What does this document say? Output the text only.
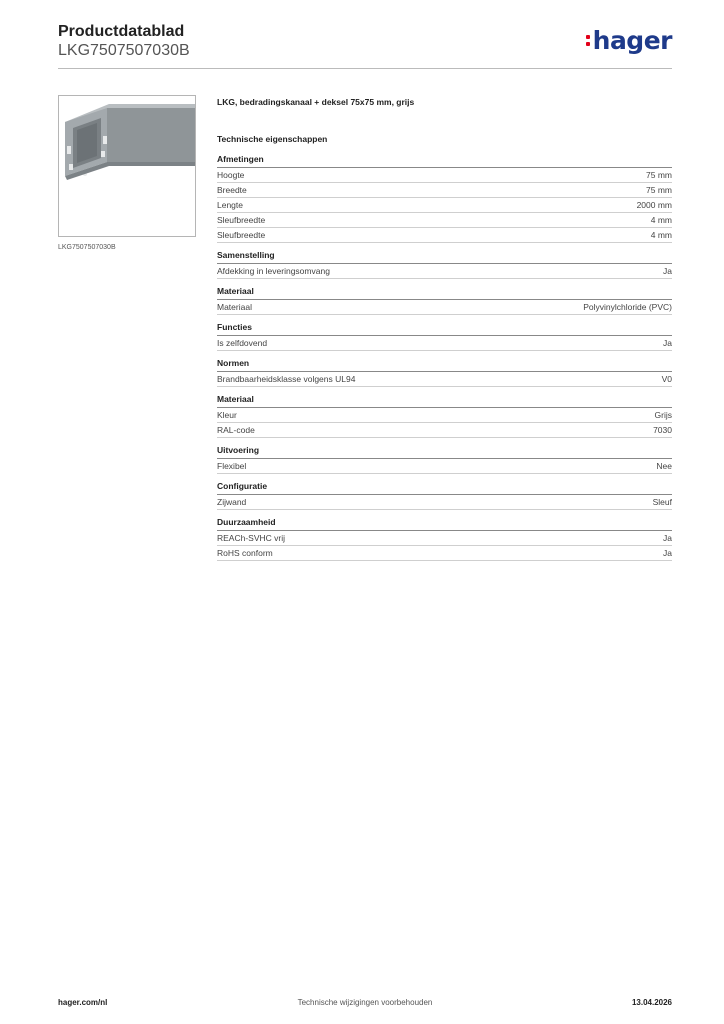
Productdatablad
LKG7507507030B	hager
LKG7507507030B
LKG, bedradingskanaal + deksel 75x75 mm, grijs
Technische eigenschappen
Afmetingen
Hoogte	75 mm
Breedte	75 mm
Lengte	2000 mm
Sleufbreedte	4 mm
Sleufbreedte	4 mm
Samenstelling
Afdekking in leveringsomvang	Ja
Materiaal
Materiaal	Polyvinylchloride (PVC)
Functies
Is zelfdovend	Ja
Normen
Brandbaarheidsklasse volgens UL94	V0
Materiaal
Kleur	Grijs
RAL-code	7030
Uitvoering
Flexibel	Nee
Configuratie
Zijwand	Sleuf
Duurzaamheid
REACh-SVHC vrij	Ja
RoHS conform	Ja
hager.com/nl	Technische wijzigingen voorbehouden	13.04.2026
